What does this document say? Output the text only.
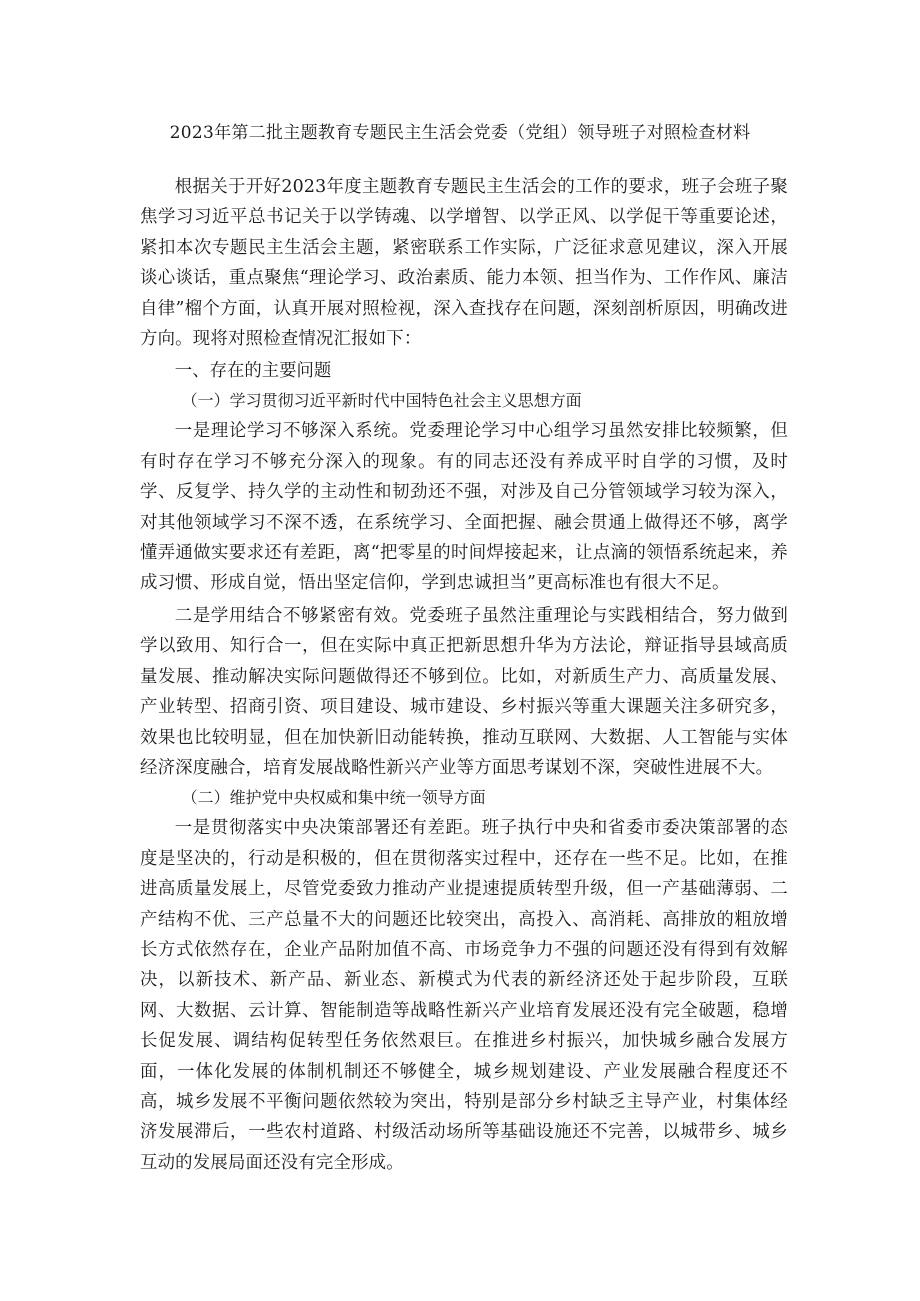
2023年第二批主题教育专题民主生活会党委（党组）领导班子对照检查材料

根据关于开好2023年度主题教育专题民主生活会的工作的要求，班子会班子聚焦学习习近平总书记关于以学铸魂、以学增智、以学正风、以学促干等重要论述，紧扣本次专题民主生活会主题，紧密联系工作实际，广泛征求意见建议，深入开展谈心谈话，重点聚焦“理论学习、政治素质、能力本领、担当作为、工作作风、廉洁自律”榴个方面，认真开展对照检视，深入查找存在问题，深刻剖析原因，明确改进方向。现将对照检查情况汇报如下：

一、存在的主要问题

（一）学习贯彻习近平新时代中国特色社会主义思想方面

一是理论学习不够深入系统。党委理论学习中心组学习虽然安排比较频繁，但有时存在学习不够充分深入的现象。有的同志还没有养成平时自学的习惯，及时学、反复学、持久学的主动性和韧劲还不强，对涉及自己分管领域学习较为深入，对其他领域学习不深不透，在系统学习、全面把握、融会贯通上做得还不够，离学懂弄通做实要求还有差距，离“把零星的时间焊接起来，让点滴的领悟系统起来，养成习惯、形成自觉，悟出坚定信仰，学到忠诚担当”更高标准也有很大不足。

二是学用结合不够紧密有效。党委班子虽然注重理论与实践相结合，努力做到学以致用、知行合一，但在实际中真正把新思想升华为方法论，辩证指导县域高质量发展、推动解决实际问题做得还不够到位。比如，对新质生产力、高质量发展、产业转型、招商引资、项目建设、城市建设、乡村振兴等重大课题关注多研究多，效果也比较明显，但在加快新旧动能转换，推动互联网、大数据、人工智能与实体经济深度融合，培育发展战略性新兴产业等方面思考谋划不深，突破性进展不大。

（二）维护党中央权威和集中统一领导方面

一是贯彻落实中央决策部署还有差距。班子执行中央和省委市委决策部署的态度是坚决的，行动是积极的，但在贯彻落实过程中，还存在一些不足。比如，在推进高质量发展上，尽管党委致力推动产业提速提质转型升级，但一产基础薄弱、二产结构不优、三产总量不大的问题还比较突出，高投入、高消耗、高排放的粗放增长方式依然存在，企业产品附加值不高、市场竞争力不强的问题还没有得到有效解决，以新技术、新产品、新业态、新模式为代表的新经济还处于起步阶段，互联网、大数据、云计算、智能制造等战略性新兴产业培育发展还没有完全破题，稳增长促发展、调结构促转型任务依然艰巨。在推进乡村振兴，加快城乡融合发展方面，一体化发展的体制机制还不够健全，城乡规划建设、产业发展融合程度还不高，城乡发展不平衡问题依然较为突出，特别是部分乡村缺乏主导产业，村集体经济发展滞后，一些农村道路、村级活动场所等基础设施还不完善，以城带乡、城乡互动的发展局面还没有完全形成。
